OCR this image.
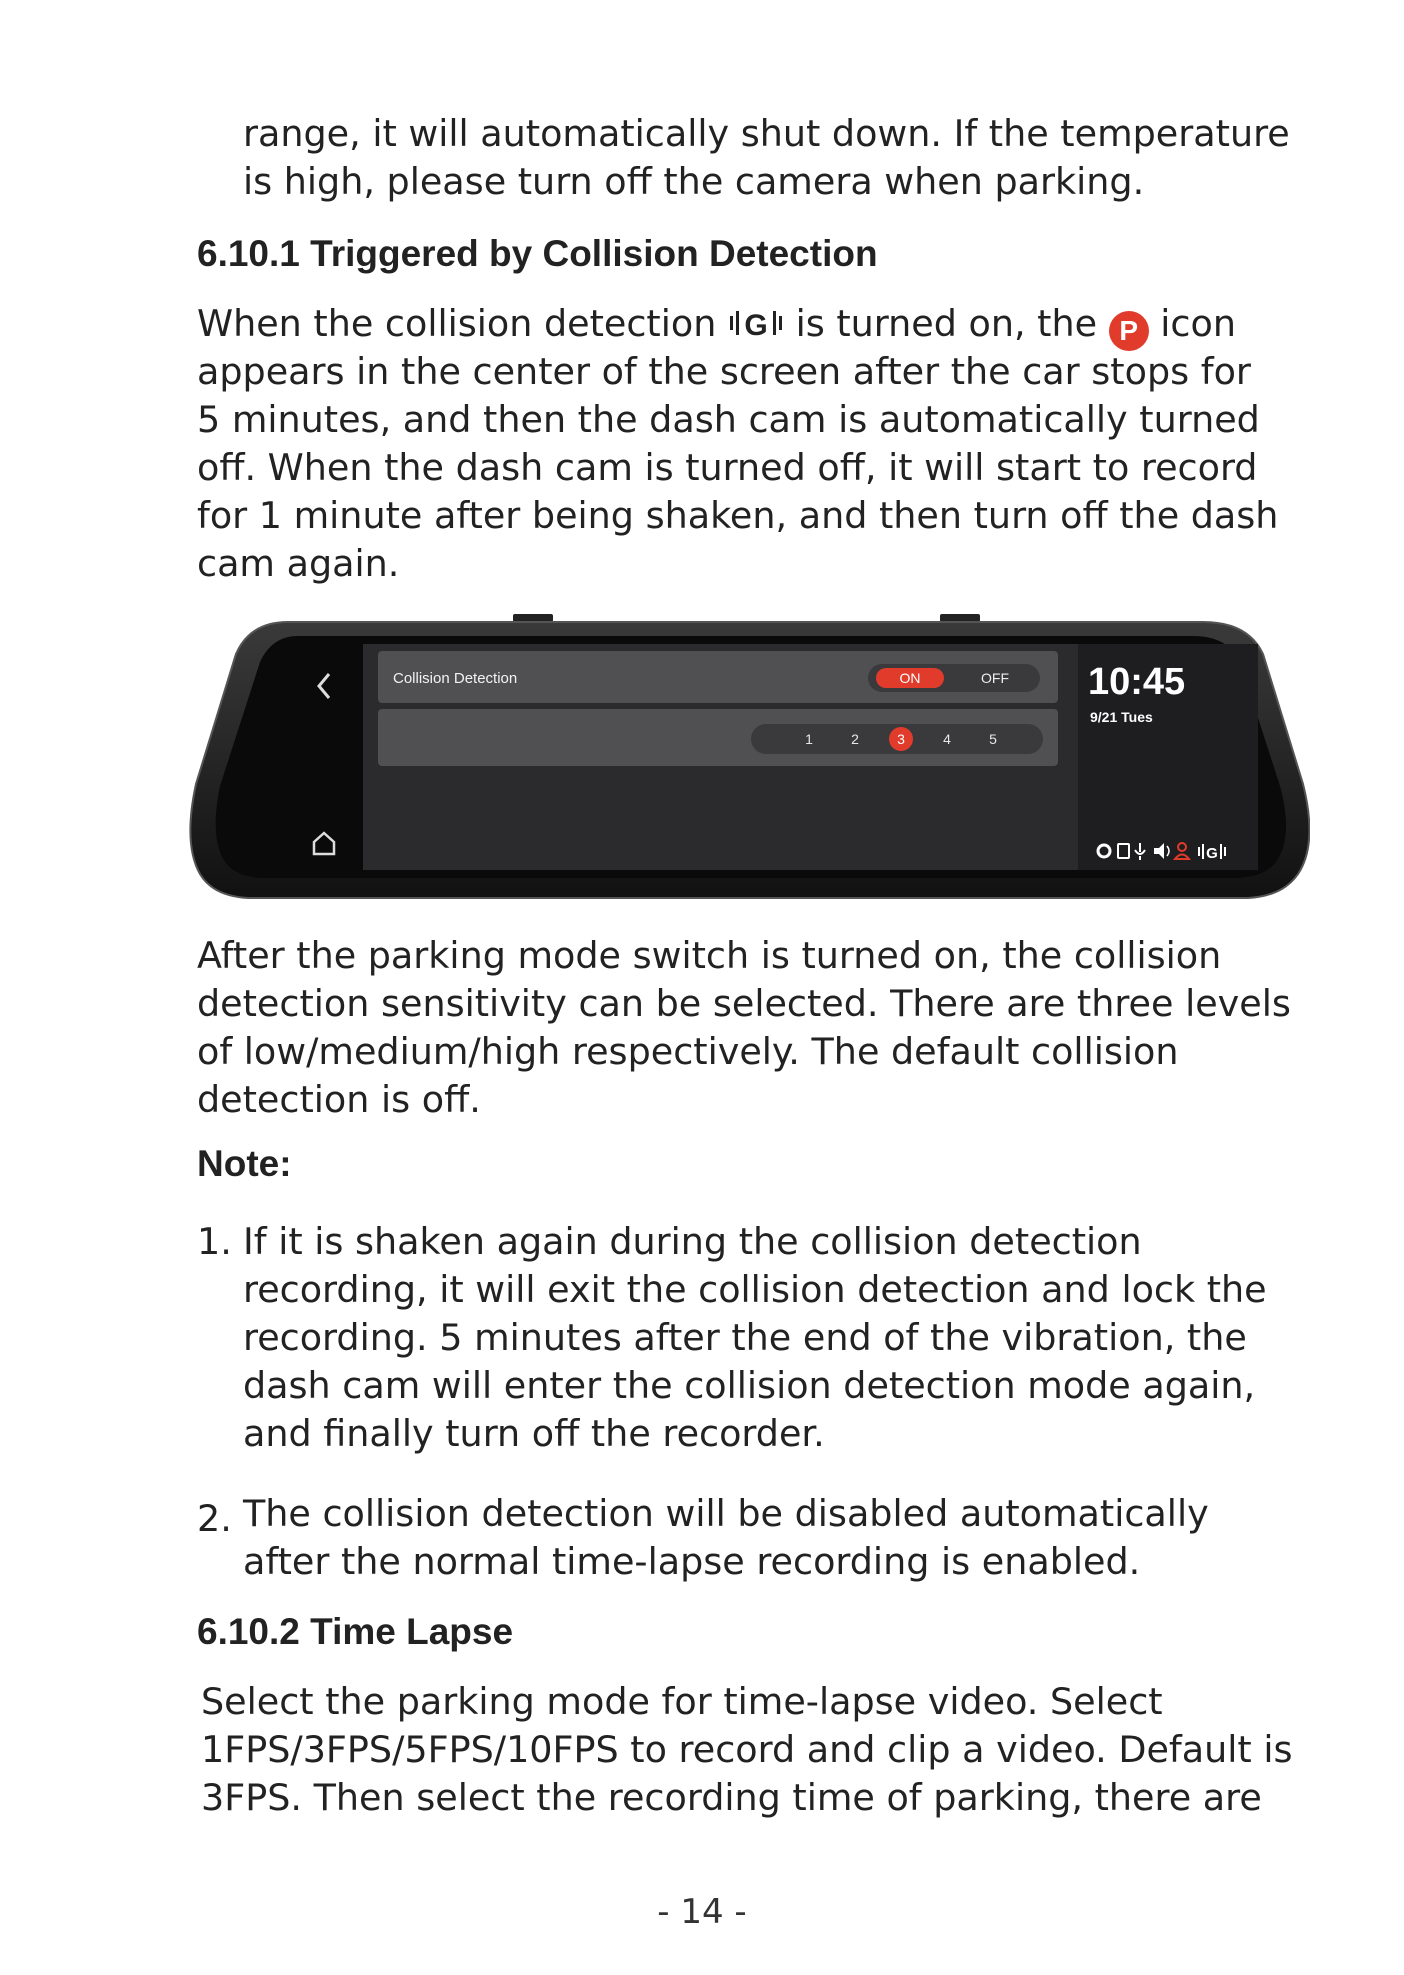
range, it will automatically shut down. If the temperature

is high, please turn off the camera when parking.

6.10.1 Triggered by Collision Detection

When the collision detection G is turned on, the P icon

appears in the center of the screen after the car stops for

5 minutes, and then the dash cam is automatically turned

off. When the dash cam is turned off, it will start to record

for 1 minute after being shaken, and then turn off the dash

cam again.

Collision Detection	ON	OFF
1	2	3	4	5
10:45
9/21 Tues
G

After the parking mode switch is turned on, the collision

detection sensitivity can be selected. There are three levels

of low/medium/high respectively. The default collision

detection is off.

Note:
1. If it is shaken again during the collision detection

recording, it will exit the collision detection and lock the

recording. 5 minutes after the end of the vibration, the

dash cam will enter the collision detection mode again,

and finally turn off the recorder.

2. The collision detection will be disabled automatically

after the normal time-lapse recording is enabled.

6.10.2 Time Lapse

Select the parking mode for time-lapse video. Select

1FPS/3FPS/5FPS/10FPS to record and clip a video. Default is

3FPS. Then select the recording time of parking, there are

- 14 -
